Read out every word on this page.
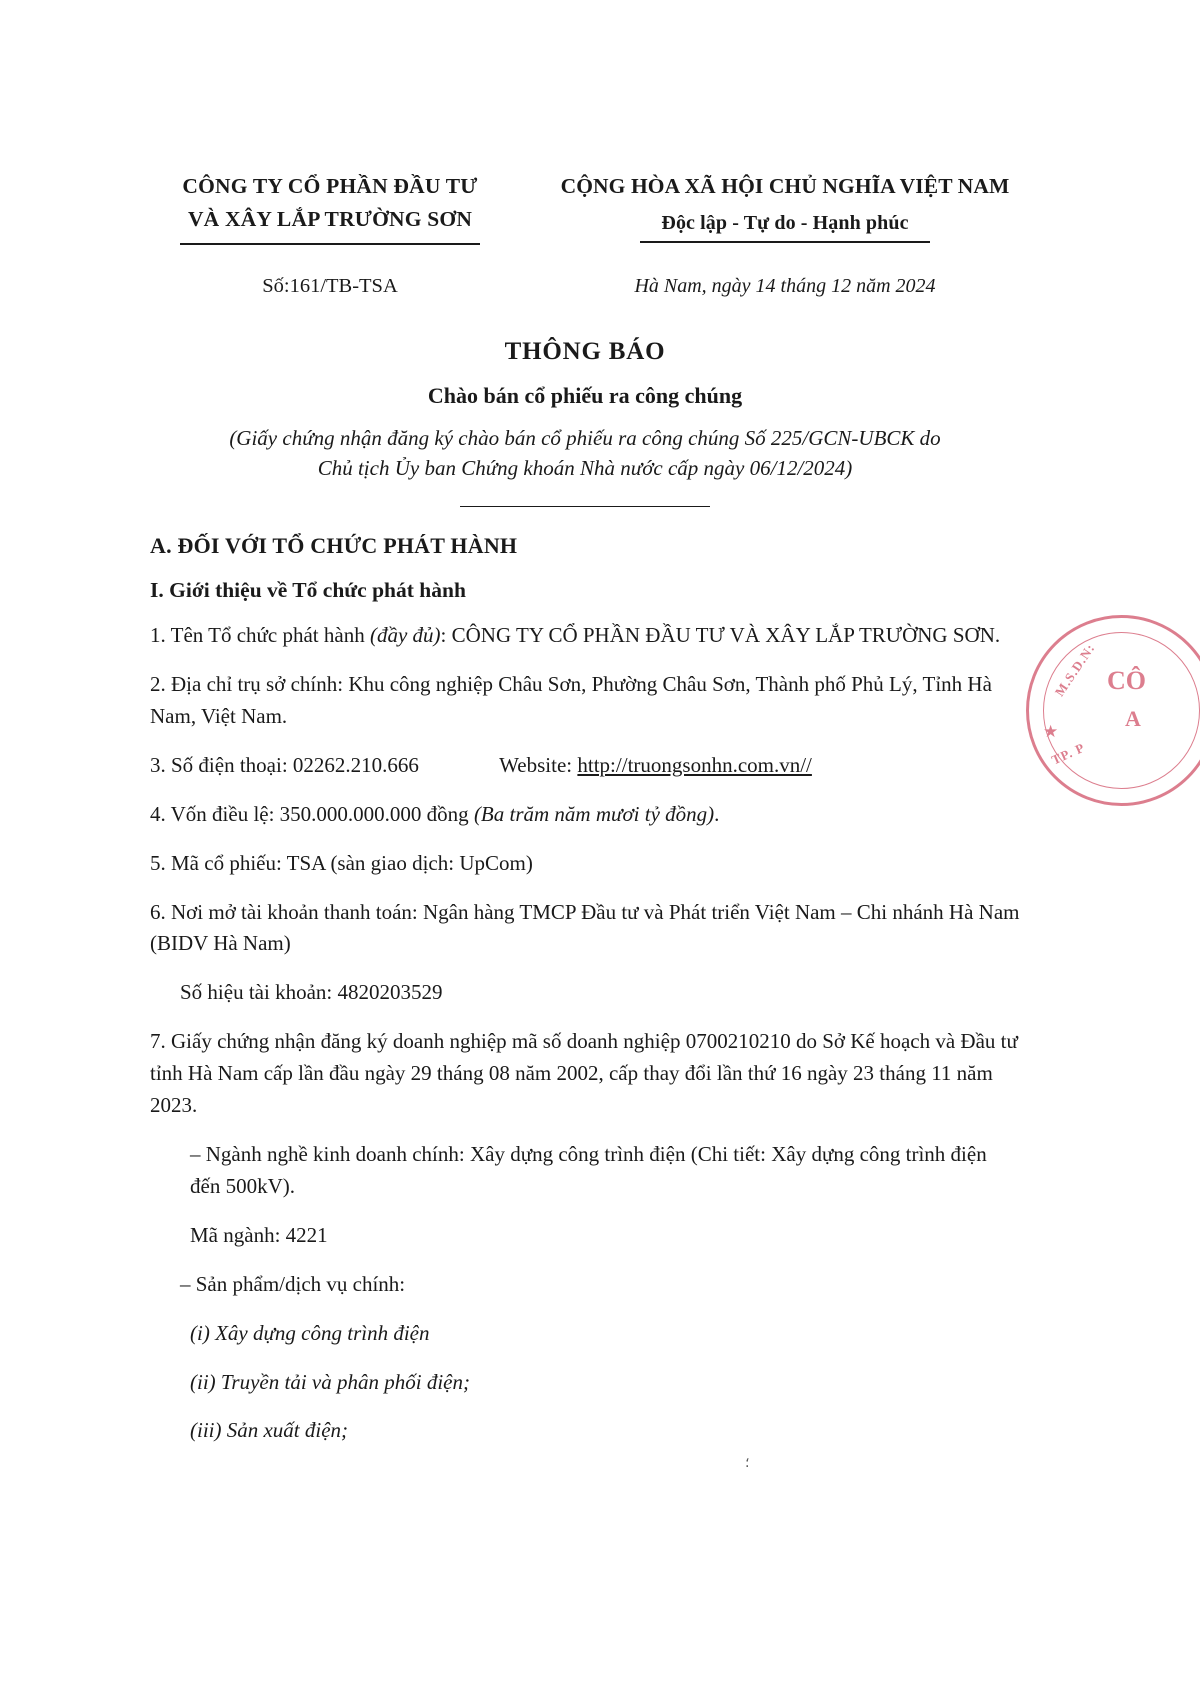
CÔNG TY CỔ PHẦN ĐẦU TƯ
VÀ XÂY LẮP TRƯỜNG SƠN
CỘNG HÒA XÃ HỘI CHỦ NGHĨA VIỆT NAM
Độc lập - Tự do - Hạnh phúc
Số:161/TB-TSA	Hà Nam, ngày 14 tháng 12 năm 2024
THÔNG BÁO
Chào bán cổ phiếu ra công chúng
(Giấy chứng nhận đăng ký chào bán cổ phiếu ra công chúng Số 225/GCN-UBCK do
Chủ tịch Ủy ban Chứng khoán Nhà nước cấp ngày 06/12/2024)
A. ĐỐI VỚI TỔ CHỨC PHÁT HÀNH
I. Giới thiệu về Tổ chức phát hành

1. Tên Tổ chức phát hành (đầy đủ): CÔNG TY CỔ PHẦN ĐẦU TƯ VÀ XÂY LẮP TRƯỜNG SƠN.

2. Địa chỉ trụ sở chính: Khu công nghiệp Châu Sơn, Phường Châu Sơn, Thành phố Phủ Lý, Tỉnh Hà Nam, Việt Nam.

3. Số điện thoại: 02262.210.666	Website: http://truongsonhn.com.vn//

4. Vốn điều lệ: 350.000.000.000 đồng (Ba trăm năm mươi tỷ đồng).

5. Mã cổ phiếu: TSA (sàn giao dịch: UpCom)

6. Nơi mở tài khoản thanh toán: Ngân hàng TMCP Đầu tư và Phát triển Việt Nam – Chi nhánh Hà Nam (BIDV Hà Nam)

Số hiệu tài khoản: 4820203529

7. Giấy chứng nhận đăng ký doanh nghiệp mã số doanh nghiệp 0700210210 do Sở Kế hoạch và Đầu tư tỉnh Hà Nam cấp lần đầu ngày 29 tháng 08 năm 2002, cấp thay đổi lần thứ 16 ngày 23 tháng 11 năm 2023.

– Ngành nghề kinh doanh chính: Xây dựng công trình điện (Chi tiết: Xây dựng công trình điện đến 500kV).

Mã ngành: 4221

– Sản phẩm/dịch vụ chính:

(i) Xây dựng công trình điện

(ii) Truyền tải và phân phối điện;

(iii) Sản xuất điện;

M.S.D.N:
TP. P
★
CÔ
A
؛
